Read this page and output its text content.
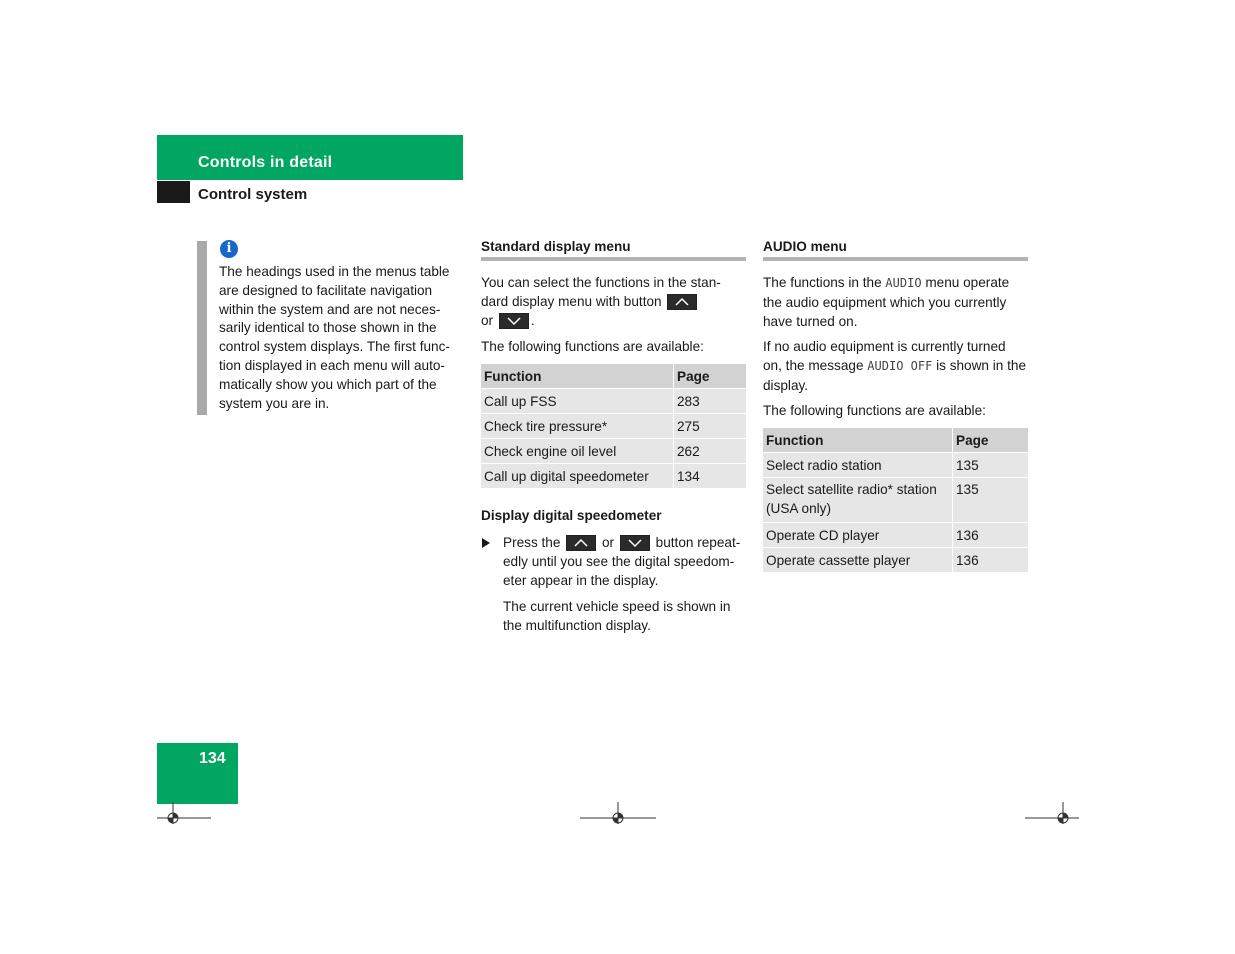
Controls in detail
Control system
i
The headings used in the menus table
are designed to facilitate navigation
within the system and are not neces-
sarily identical to those shown in the
control system displays. The first func-
tion displayed in each menu will auto-
matically show you which part of the
system you are in.
Standard display menu
You can select the functions in the stan-
dard display menu with button
or	.
The following functions are available:
Function	Page
Call up FSS	283
Check tire pressure*	275
Check engine oil level	262
Call up digital speedometer	134
Display digital speedometer
Press the	or	button repeat-
edly until you see the digital speedom-
eter appear in the display.
The current vehicle speed is shown in
the multifunction display.
AUDIO menu
The functions in the AUDIO menu operate
the audio equipment which you currently
have turned on.
If no audio equipment is currently turned
on, the message AUDIO OFF is shown in the
display.
The following functions are available:
Function	Page
Select radio station	135

Select satellite radio* station
(USA only)	135
Operate CD player	136
Operate cassette player	136
134
